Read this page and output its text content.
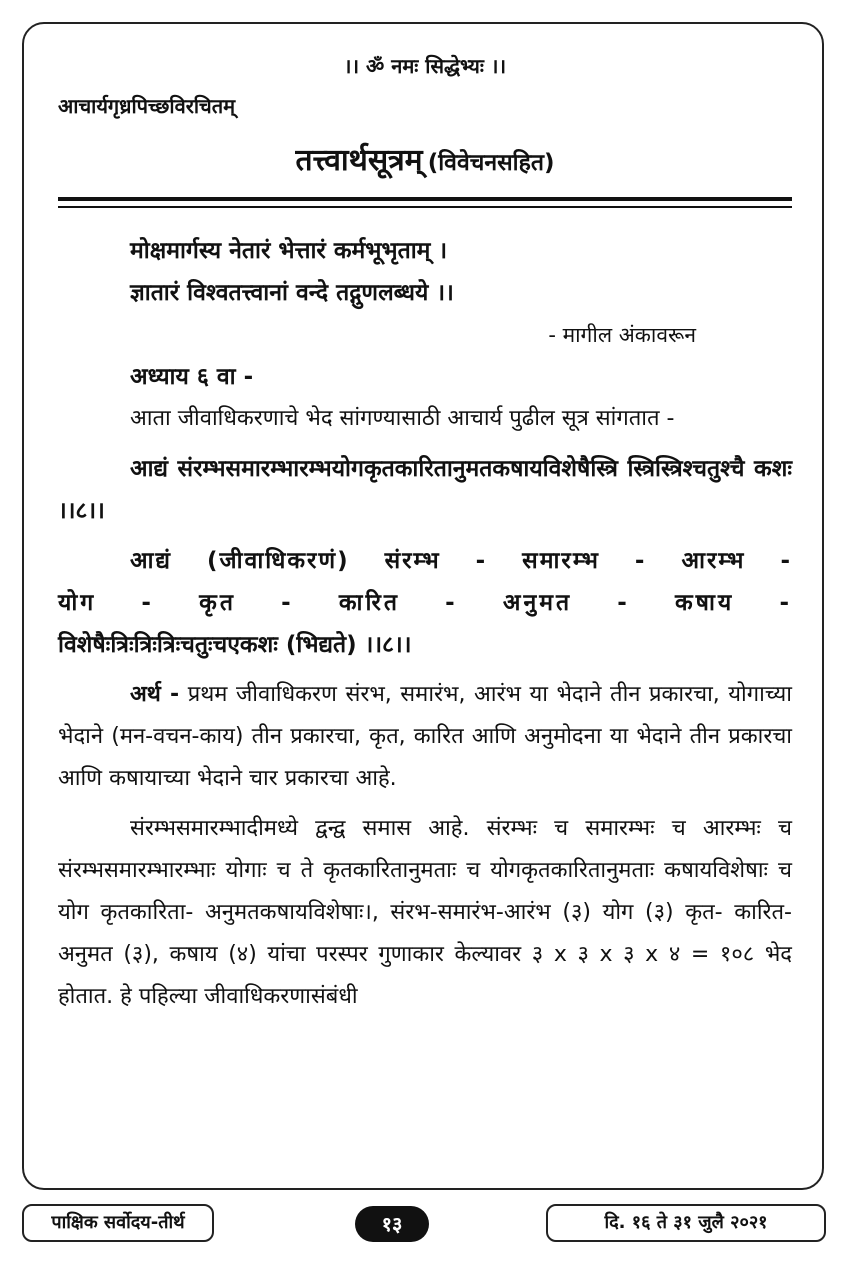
।। ॐ नमः सिद्धेभ्यः ।।
आचार्यगृध्रपिच्छविरचितम्
तत्त्वार्थसूत्रम् (विवेचनसहित)
मोक्षमार्गस्य नेतारं भेत्तारं कर्मभूभृताम् ।
ज्ञातारं विश्वतत्त्वानां वन्दे तद्गुणलब्धये ।।
- मागील अंकावरून
अध्याय ६ वा -

आता जीवाधिकरणाचे भेद सांगण्यासाठी आचार्य पुढील सूत्र सांगतात -

आद्यं संरम्भसमारम्भारम्भयोगकृतकारितानुमतकषायविशेषैस्त्रि स्त्रिस्त्रिश्चतुश्चै कशः ।।८।।

आद्यं (जीवाधिकरणं) संरम्भ - समारम्भ - आरम्भ -
योग - कृत - कारित - अनुमत - कषाय -
विशेषैःत्रिःत्रिःत्रिःचतुःचएकशः (भिद्यते) ।।८।।

अर्थ - प्रथम जीवाधिकरण संरभ, समारंभ, आरंभ या भेदाने तीन प्रकारचा, योगाच्या भेदाने (मन-वचन-काय) तीन प्रकारचा, कृत, कारित आणि अनुमोदना या भेदाने तीन प्रकारचा आणि कषायाच्या भेदाने चार प्रकारचा आहे.

संरम्भसमारम्भादीमध्ये द्वन्द्व समास आहे. संरम्भः च समारम्भः च आरम्भः च संरम्भसमारम्भारम्भाः योगाः च ते कृतकारितानुमताः च योगकृतकारितानुमताः कषायविशेषाः च योग कृतकारिता- अनुमतकषायविशेषाः।, संरभ-समारंभ-आरंभ (३) योग (३) कृत- कारित-अनुमत (३), कषाय (४) यांचा परस्पर गुणाकार केल्यावर ३ x ३ x ३ x ४ = १०८ भेद होतात. हे पहिल्या जीवाधिकरणासंबंधी

पाक्षिक सर्वोदय-तीर्थ	१३	दि. १६ ते ३१ जुलै २०२१
